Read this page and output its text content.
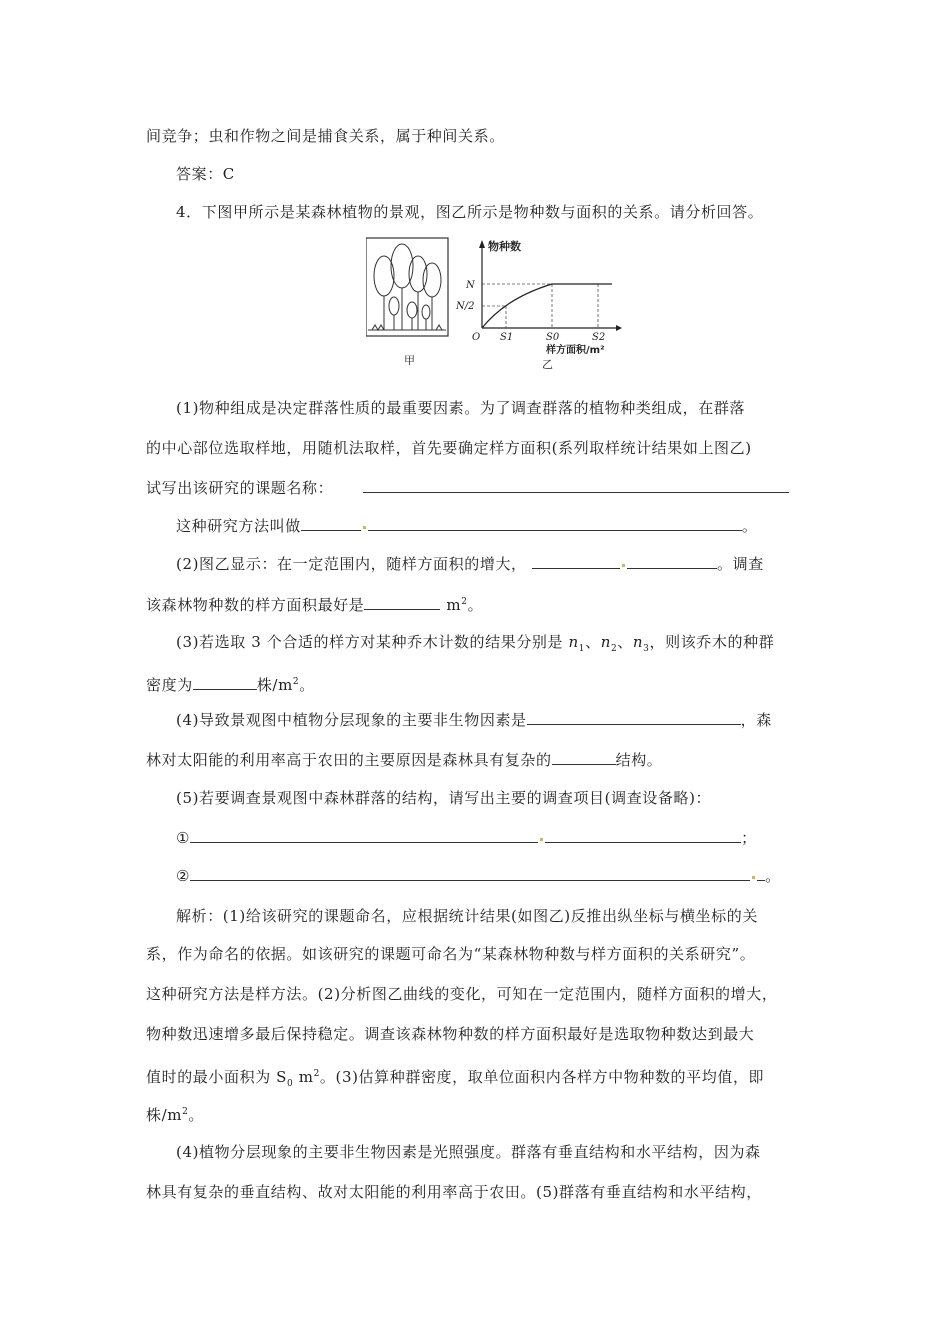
间竞争；虫和作物之间是捕食关系，属于种间关系。
答案：C
4．下图甲所示是某森林植物的景观，图乙所示是物种数与面积的关系。请分析回答。
甲
物种数
N
N/2
O S1	S0	S2
样方面积/m²
乙
(1)物种组成是决定群落性质的最重要因素。为了调查群落的植物种类组成，在群落
的中心部位选取样地，用随机法取样，首先要确定样方面积(系列取样统计结果如上图乙)
试写出该研究的课题名称：
这种研究方法叫做	。
(2)图乙显示：在一定范围内，随样方面积的增大，	。调查
该森林物种数的样方面积最好是	$m^2$。
(3)若选取 3 个合适的样方对某种乔木计数的结果分别是 $n_1$、$n_2$、$n_3$，则该乔木的种群
密度为	株$/m^2$。
(4)导致景观图中植物分层现象的主要非生物因素是	，森
林对太阳能的利用率高于农田的主要原因是森林具有复杂的	结构。
(5)若要调查景观图中森林群落的结构，请写出主要的调查项目(调查设备略)：
①	；
②	。
解析：(1)给该研究的课题命名，应根据统计结果(如图乙)反推出纵坐标与横坐标的关
系，作为命名的依据。如该研究的课题可命名为“某森林物种数与样方面积的关系研究”。
这种研究方法是样方法。(2)分析图乙曲线的变化，可知在一定范围内，随样方面积的增大，
物种数迅速增多最后保持稳定。调查该森林物种数的样方面积最好是选取物种数达到最大
值时的最小面积为 $S_0$ $m^2$。(3)估算种群密度，取单位面积内各样方中物种数的平均值，即
株$/m^2$。
(4)植物分层现象的主要非生物因素是光照强度。群落有垂直结构和水平结构，因为森
林具有复杂的垂直结构、故对太阳能的利用率高于农田。(5)群落有垂直结构和水平结构，
